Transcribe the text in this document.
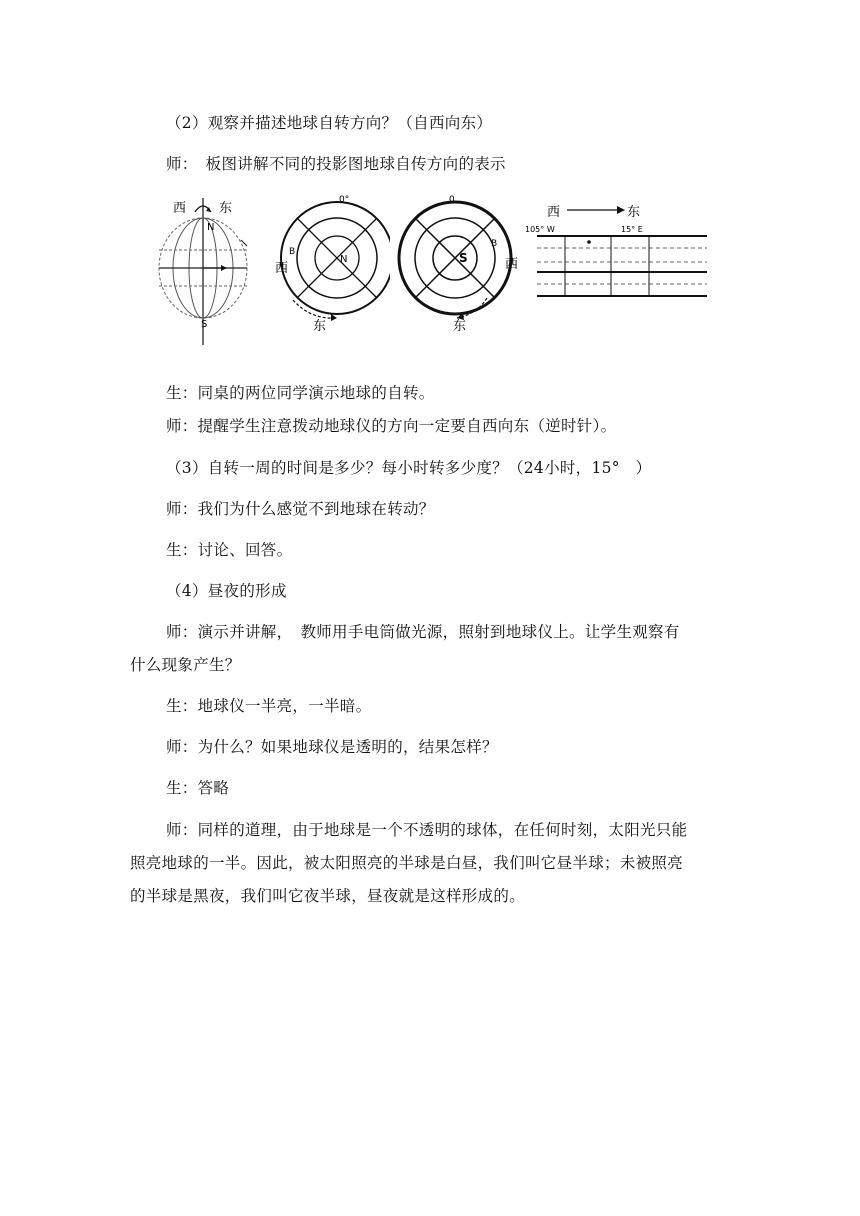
（2）观察并描述地球自转方向？（自西向东）
师：　板图讲解不同的投影图地球自传方向的表示
西	东
N
S
西
东
N
B
0°
西
东
S
B
0
西	东
105° W	15° E
生：同桌的两位同学演示地球的自转。
师：提醒学生注意拨动地球仪的方向一定要自西向东（逆时针）。
（3）自转一周的时间是多少？每小时转多少度？（24小时，15°　）
师：我们为什么感觉不到地球在转动？
生：讨论、回答。
（4）昼夜的形成
师：演示并讲解，　教师用手电筒做光源，照射到地球仪上。让学生观察有
什么现象产生？
生：地球仪一半亮，一半暗。
师：为什么？如果地球仪是透明的，结果怎样？
生：答略
师：同样的道理，由于地球是一个不透明的球体，在任何时刻，太阳光只能
照亮地球的一半。因此，被太阳照亮的半球是白昼，我们叫它昼半球；未被照亮
的半球是黑夜，我们叫它夜半球，昼夜就是这样形成的。
